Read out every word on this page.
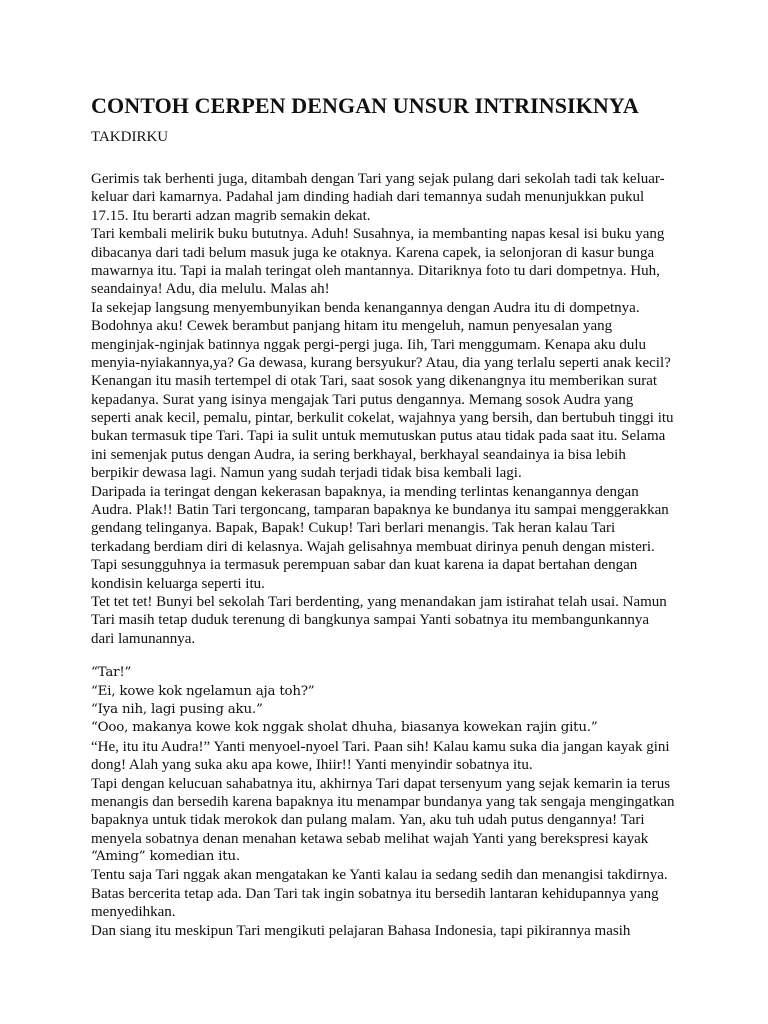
CONTOH CERPEN DENGAN UNSUR INTRINSIKNYA
TAKDIRKU
Gerimis tak berhenti juga, ditambah dengan Tari yang sejak pulang dari sekolah tadi tak keluar-
keluar dari kamarnya. Padahal jam dinding hadiah dari temannya sudah menunjukkan pukul
17.15. Itu berarti adzan magrib semakin dekat.
Tari kembali melirik buku bututnya. Aduh! Susahnya, ia membanting napas kesal isi buku yang
dibacanya dari tadi belum masuk juga ke otaknya. Karena capek, ia selonjoran di kasur bunga
mawarnya itu. Tapi ia malah teringat oleh mantannya. Ditariknya foto tu dari dompetnya. Huh,
seandainya! Adu, dia melulu. Malas ah!
Ia sekejap langsung menyembunyikan benda kenangannya dengan Audra itu di dompetnya.
Bodohnya aku! Cewek berambut panjang hitam itu mengeluh, namun penyesalan yang
menginjak-nginjak batinnya nggak pergi-pergi juga. Iih, Tari menggumam. Kenapa aku dulu
menyia-nyiakannya,ya? Ga dewasa, kurang bersyukur? Atau, dia yang terlalu seperti anak kecil?
Kenangan itu masih tertempel di otak Tari, saat sosok yang dikenangnya itu memberikan surat
kepadanya. Surat yang isinya mengajak Tari putus dengannya. Memang sosok Audra yang
seperti anak kecil, pemalu, pintar, berkulit cokelat, wajahnya yang bersih, dan bertubuh tinggi itu
bukan termasuk tipe Tari. Tapi ia sulit untuk memutuskan putus atau tidak pada saat itu. Selama
ini semenjak putus dengan Audra, ia sering berkhayal, berkhayal seandainya ia bisa lebih
berpikir dewasa lagi. Namun yang sudah terjadi tidak bisa kembali lagi.
Daripada ia teringat dengan kekerasan bapaknya, ia mending terlintas kenangannya dengan
Audra. Plak!! Batin Tari tergoncang, tamparan bapaknya ke bundanya itu sampai menggerakkan
gendang telinganya. Bapak, Bapak! Cukup! Tari berlari menangis. Tak heran kalau Tari
terkadang berdiam diri di kelasnya. Wajah gelisahnya membuat dirinya penuh dengan misteri.
Tapi sesungguhnya ia termasuk perempuan sabar dan kuat karena ia dapat bertahan dengan
kondisin keluarga seperti itu.
Tet tet tet! Bunyi bel sekolah Tari berdenting, yang menandakan jam istirahat telah usai. Namun
Tari masih tetap duduk terenung di bangkunya sampai Yanti sobatnya itu membangunkannya
dari lamunannya.
“Tar!”
“Ei, kowe kok ngelamun aja toh?”
“Iya nih, lagi pusing aku.”
“Ooo, makanya kowe kok nggak sholat dhuha, biasanya kowekan rajin gitu.”
“He, itu itu Audra!” Yanti menyoel-nyoel Tari. Paan sih! Kalau kamu suka dia jangan kayak gini
dong! Alah yang suka aku apa kowe, Ihiir!! Yanti menyindir sobatnya itu.
Tapi dengan kelucuan sahabatnya itu, akhirnya Tari dapat tersenyum yang sejak kemarin ia terus
menangis dan bersedih karena bapaknya itu menampar bundanya yang tak sengaja mengingatkan
bapaknya untuk tidak merokok dan pulang malam. Yan, aku tuh udah putus dengannya! Tari
menyela sobatnya denan menahan ketawa sebab melihat wajah Yanti yang berekspresi kayak
“Aming” komedian itu.
Tentu saja Tari nggak akan mengatakan ke Yanti kalau ia sedang sedih dan menangisi takdirnya.
Batas bercerita tetap ada. Dan Tari tak ingin sobatnya itu bersedih lantaran kehidupannya yang
menyedihkan.
Dan siang itu meskipun Tari mengikuti pelajaran Bahasa Indonesia, tapi pikirannya masih
